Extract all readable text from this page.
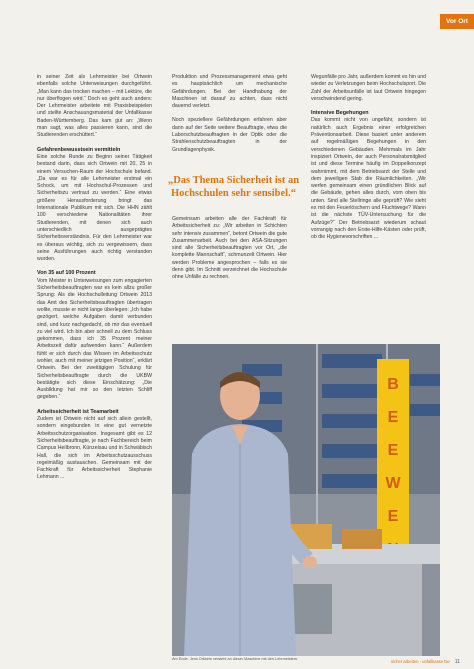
Vor Ort

in seiner Zeit als Lehrmeister bei Ortwein ebenfalls solche Unterweisungen durchgeführt. „Man kann das trocken machen – mit Lektüre, die nur überflogen wird.“ Doch es geht auch anders: Der Lehrmeister arbeitete mit Praxisbeispielen und stellte Anschauungsmaterial der Unfallkasse Baden-Württemberg. Das kam gut an: „Wenn man sagt, was alles passieren kann, sind die Studierenden erschüttert.“

Gefahrenbewusstsein vermitteln

Eine solche Runde zu Beginn seiner Tätigkeit bestand darin, dass sich Ortwein mit 20, 25 in einem Versuchen-Raum der Hochschule befand. „Da war es für alle Lehrmeister erstmal ein Schock, um mit Hochschul-Prozessen und Sicherheitszu vertraut zu werden.“ Eine etwas größere Herausforderung bringt das Internationale Publikum mit sich. Die HHN zählt 100 verschiedene Nationalitäten ihrer Studierenden, mit denen sich auch unterschiedlich ausgeprägtes Sicherheitsverständnis. Für den Lehrmeister war es überaus wichtig, sich zu vergewissern, dass seine Ausführungen auch richtig verstanden wurden.

Von 35 auf 100 Prozent

Vom Meister in Unterweisungen zum engagierten Sicherheitsbeauftragten war es kein allzu großer Sprung: Als die Hochschulleitung Ortwein 2013 das Amt des Sicherheitsbeauftragten übertragen wollte, musste er nicht lange überlegen: „Ich habe gezögert, welche Aufgaben damit verbunden sind, und kurz nachgedacht, ob mir das eventuell zu viel wird. Ich bin aber schnell zu dem Schluss gekommen, dass ich 35 Prozent meiner Arbeitszeit dafür aufwenden kann.“ Außerdem fühlt er sich durch das Wissen im Arbeitsschutz wohler, auch mit meiner jetzigen Position“, erklärt Ortwein. Bei der zweitägigen Schulung für Sicherheitsbeauftragte durch die UKBW bestätigte sich diese Einschätzung: „Die Ausbildung hat mir so den letzten Schliff gegeben.“

Arbeitssicherheit ist Teamarbeit

Zudem ist Ortwein nicht auf sich allein gestellt, sondern eingebunden in eine gut vernetzte Arbeitsschutzorganisation. Insgesamt gibt es 12 Sicherheitsbeauftragte, je nach Fachbereich beim Campus Heilbronn, Künzelsau und in Schwäbisch Hall, die sich im Arbeitsschutzausschuss regelmäßig austauschen. Gemeinsam mit der Fachkraft für Arbeitssicherheit Stephanie Lehmann ...

Produktion und Prozessmanagement etwa geht es hauptsächlich um mechanische Gefährdungen. Bei der Handhabung der Maschinen ist darauf zu achten, dass nicht dauernd verletzt.

Noch speziellere Gefährdungen erfahren aber dann auf der Seite weitere Beauftragte, etwa die Laborschutzbeauftragten in der Optik oder die Strahlenschutzbeauftragten in der Grundlagenphysik.

„Das Thema Sicherheit ist an Hochschulen sehr sensibel.“

Gemeinsam arbeiten alle der Fachkraft für Arbeitssicherheit zu: „Wir arbeiten in Schichten sehr intensiv zusammen“, betont Ortwein die gute Zusammenarbeit. Auch bei den ASA-Sitzungen sind alle Sicherheitsbeauftragten vor Ort, „die komplette Mannschaft“, schmunzelt Ortwein. Hier werden Probleme angesprochen – falls es sie denn gibt. Im Schnitt verzeichnet die Hochschule ohne Unfälle zu rechnen.

Wegunfälle pro Jahr, außerdem kommt es hin und wieder zu Verletzungen beim Hochschulsport. Die Zahl der Arbeitsunfälle ist laut Ortwein hingegen verschwindend gering.

Intensive Begehungen

Das kommt nicht von ungefähr, sondern ist natürlich auch Ergebnis einer erfolgreichen Präventionsarbeit. Diese basiert unter anderem auf regelmäßigen Begehungen in den verschiedenen Gebäuden. Mehrmals im Jahr inspiziert Ortwein, der auch Personalratsmitglied ist und diese Termine häufig im Doppelkonzept wahrnimmt, mit dem Betriebsarzt der Stelle und dem jeweiligen Stab die Räumlichkeiten. „Wir werfen gemeinsam einen gründlichen Blick auf die Gebäude, gehen alles durch, vom oben bis unten. Sind alle Stellringe alle geprüft? Wie sieht es mit den Feuerlöschern und Fluchtwege? Wann ist die nächste TÜV-Untersuchung für die Aufzüge?“ Der Betriebsarzt wiederum schaut vorrangig nach den Erste-Hilfe-Kästen oder prüft, ob die Hygienevorschriften ...

B
E
E
W
E
Am Ende: Jens Ortwein versteht an dieser Maschine mit den Lehrmeistern.	sicher arbeiten · unfallkasse bw 11
